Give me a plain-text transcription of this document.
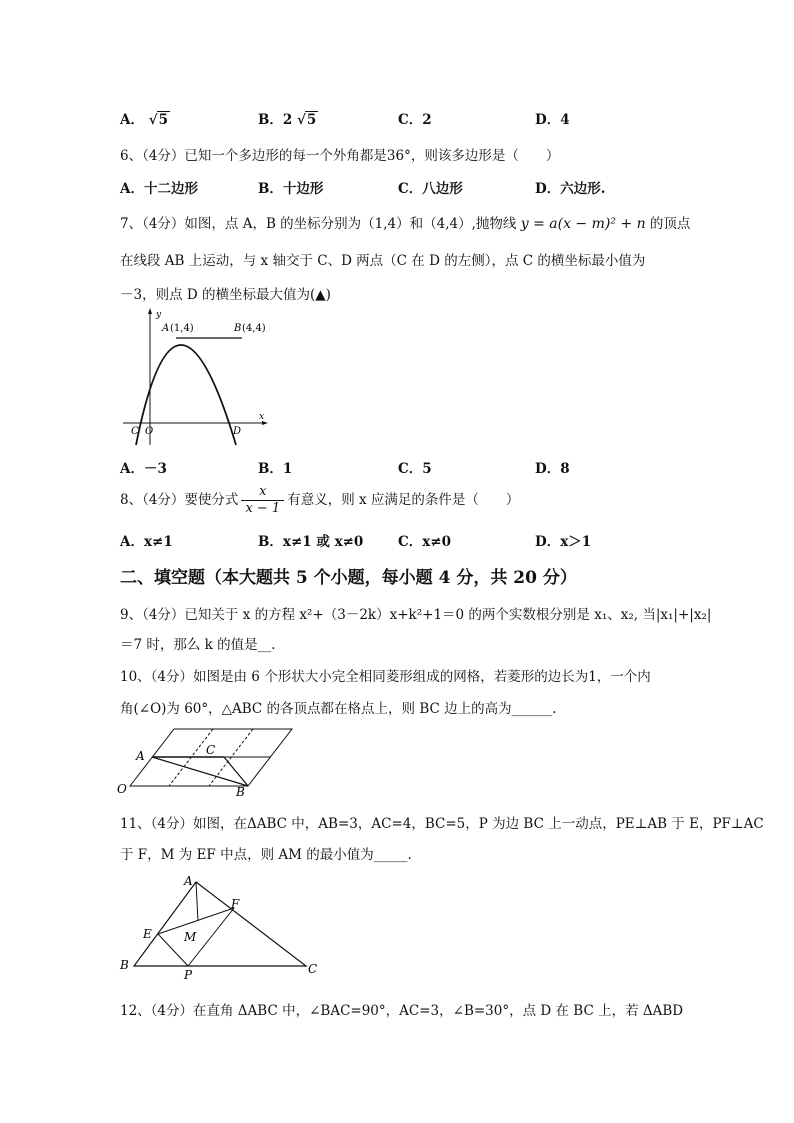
A． √5	B．2 √5	C．2	D．4
6、（4分）已知一个多边形的每一个外角都是36°，则该多边形是（　　）
A．十二边形	B．十边形	C．八边形	D．六边形.
7、（4分）如图，点 A，B 的坐标分别为（1,4）和（4,4）,抛物线 y = a(x − m)² + n 的顶点
在线段 AB 上运动，与 x 轴交于 C、D 两点（C 在 D 的左侧），点 C 的横坐标最小值为
－3，则点 D 的横坐标最大值为(▲)
y
x
A (1,4)	B (4,4)
C O	D
A．－3	B．1	C．5	D．8
8、（4分）要使分式 $\frac{x}{x - 1}$ 有意义，则 x 应满足的条件是（　　）
A．x≠1	B．x≠1 或 x≠0	C．x≠0	D．x＞1
二、填空题（本大题共 5 个小题，每小题 4 分，共 20 分）
9、（4分）已知关于 x 的方程 x²+（3－2k）x+k²+1＝0 的两个实数根分别是 x₁、x₂, 当|x₁|+|x₂|
＝7 时，那么 k 的值是__.
10、（4分）如图是由 6 个形状大小完全相同菱形组成的网格，若菱形的边长为1，一个内
角(∠O)为 60°，△ABC 的各顶点都在格点上，则 BC 边上的高为______.
A	C
O	B
11、（4分）如图，在ΔABC 中，AB=3，AC=4，BC=5，P 为边 BC 上一动点，PE⊥AB 于 E，PF⊥AC
于 F，M 为 EF 中点，则 AM 的最小值为_____.
A
F
E	M
B
P	C
12、（4分）在直角 ΔABC 中，∠BAC=90°，AC=3，∠B=30°，点 D 在 BC 上，若 ΔABD
